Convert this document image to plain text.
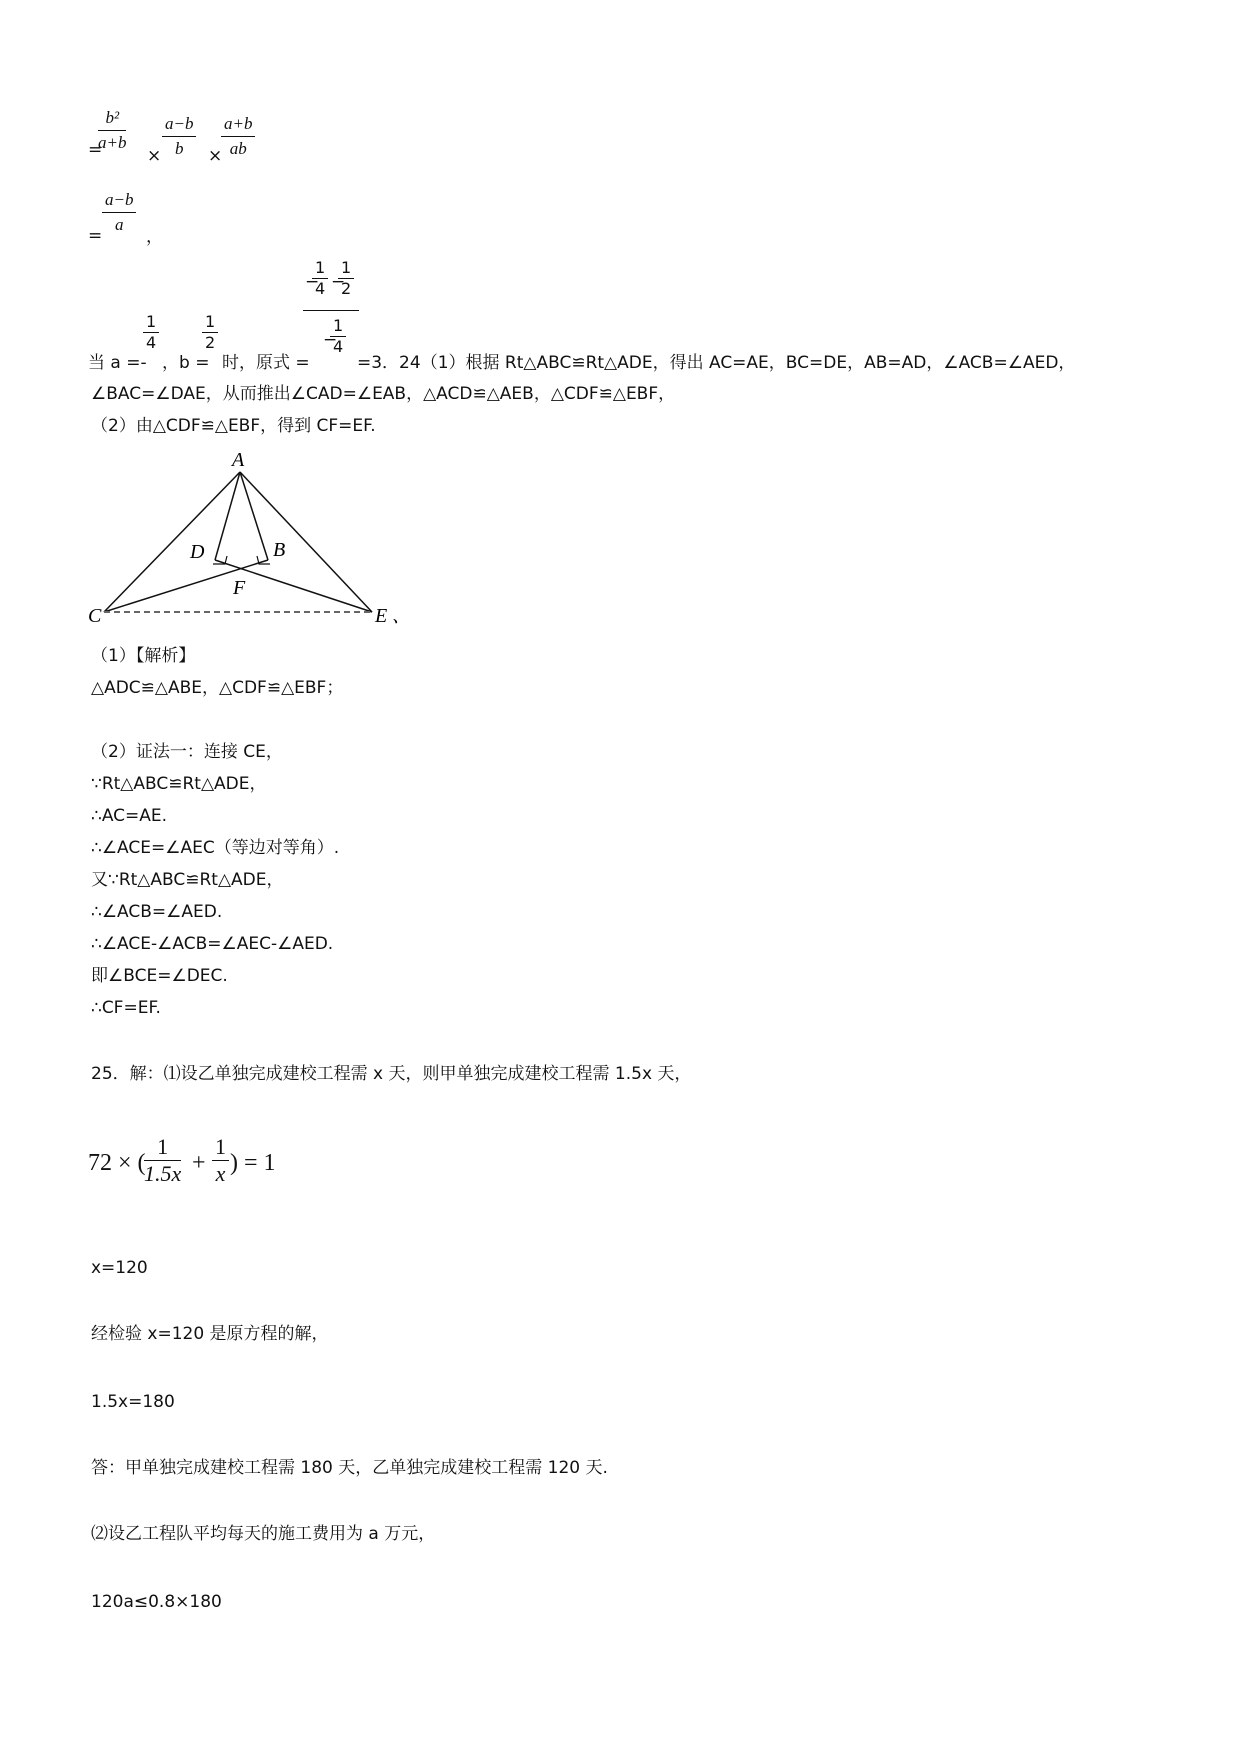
=
$\frac{\text{b²}}{a+b}$
× $\frac{a-b}{b}$ ×
$\frac{a+b}{ab}$
= $\frac{a-b}{a}$ ，
当 a =-
$\frac{1}{4}$
，b =
$\frac{1}{2}$
时，原式 =
−
$\frac{1}{4}$ −
$\frac{1}{2}$
−
$\frac{1}{4}$
=3．24（1）根据 Rt△ABC≌Rt△ADE，得出 AC=AE，BC=DE，AB=AD，∠ACB=∠AED，
∠BAC=∠DAE，从而推出∠CAD=∠EAB，△ACD≌△AEB，△CDF≌△EBF，
（2）由△CDF≌△EBF，得到 CF=EF.
A
D	B
F
C	E 、
（1）【解析】
△ADC≌△ABE，△CDF≌△EBF；
（2）证法一：连接 CE，
∵Rt△ABC≌Rt△ADE，
∴AC=AE.
∴∠ACE=∠AEC（等边对等角）.
又∵Rt△ABC≌Rt△ADE，
∴∠ACB=∠AED.
∴∠ACE-∠ACB=∠AEC-∠AED.
即∠BCE=∠DEC.
∴CF=EF.
25．解：⑴设乙单独完成建校工程需 x 天，则甲单独完成建校工程需 1.5x 天，
72 × (
$\frac{1}{1.5x} + \frac{1}{x}$ ) = 1
x=120
经检验 x=120 是原方程的解，
1.5x=180
答：甲单独完成建校工程需 180 天，乙单独完成建校工程需 120 天.
⑵设乙工程队平均每天的施工费用为 a 万元，
120a≤0.8×180
